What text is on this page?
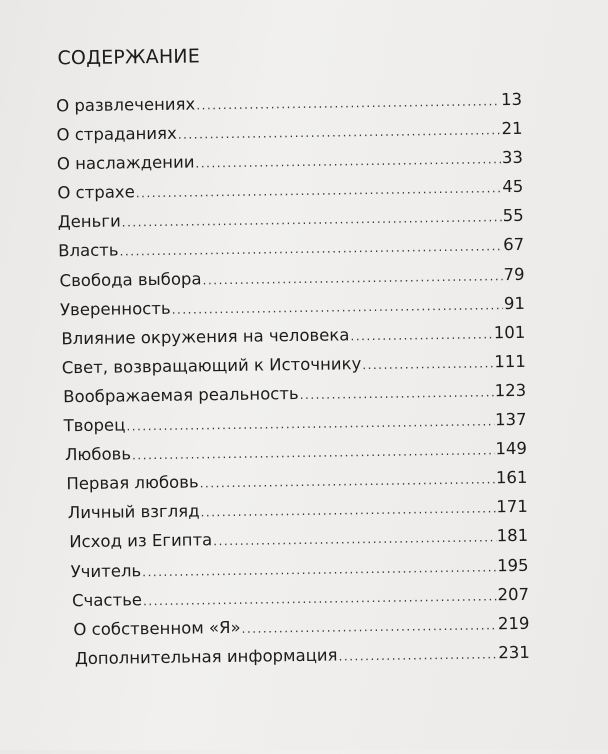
СОДЕРЖАНИЕ
О развлечениях .....	13
О страданиях .....	21
О наслаждении .....	33
О страхе .....	45
Деньги .....	55
Власть .....	67
Свобода выбора .....	79
Уверенность .....	91
Влияние окружения на человека .....	101
Свет, возвращающий к Источнику .....	111
Воображаемая реальность .....	123
Творец .....	137
Любовь .....	149
Первая любовь .....	161
Личный взгляд .....	171
Исход из Египта .....	181
Учитель .....	195
Счастье .....	207
О собственном «Я» .....	219
Дополнительная информация .....	231
